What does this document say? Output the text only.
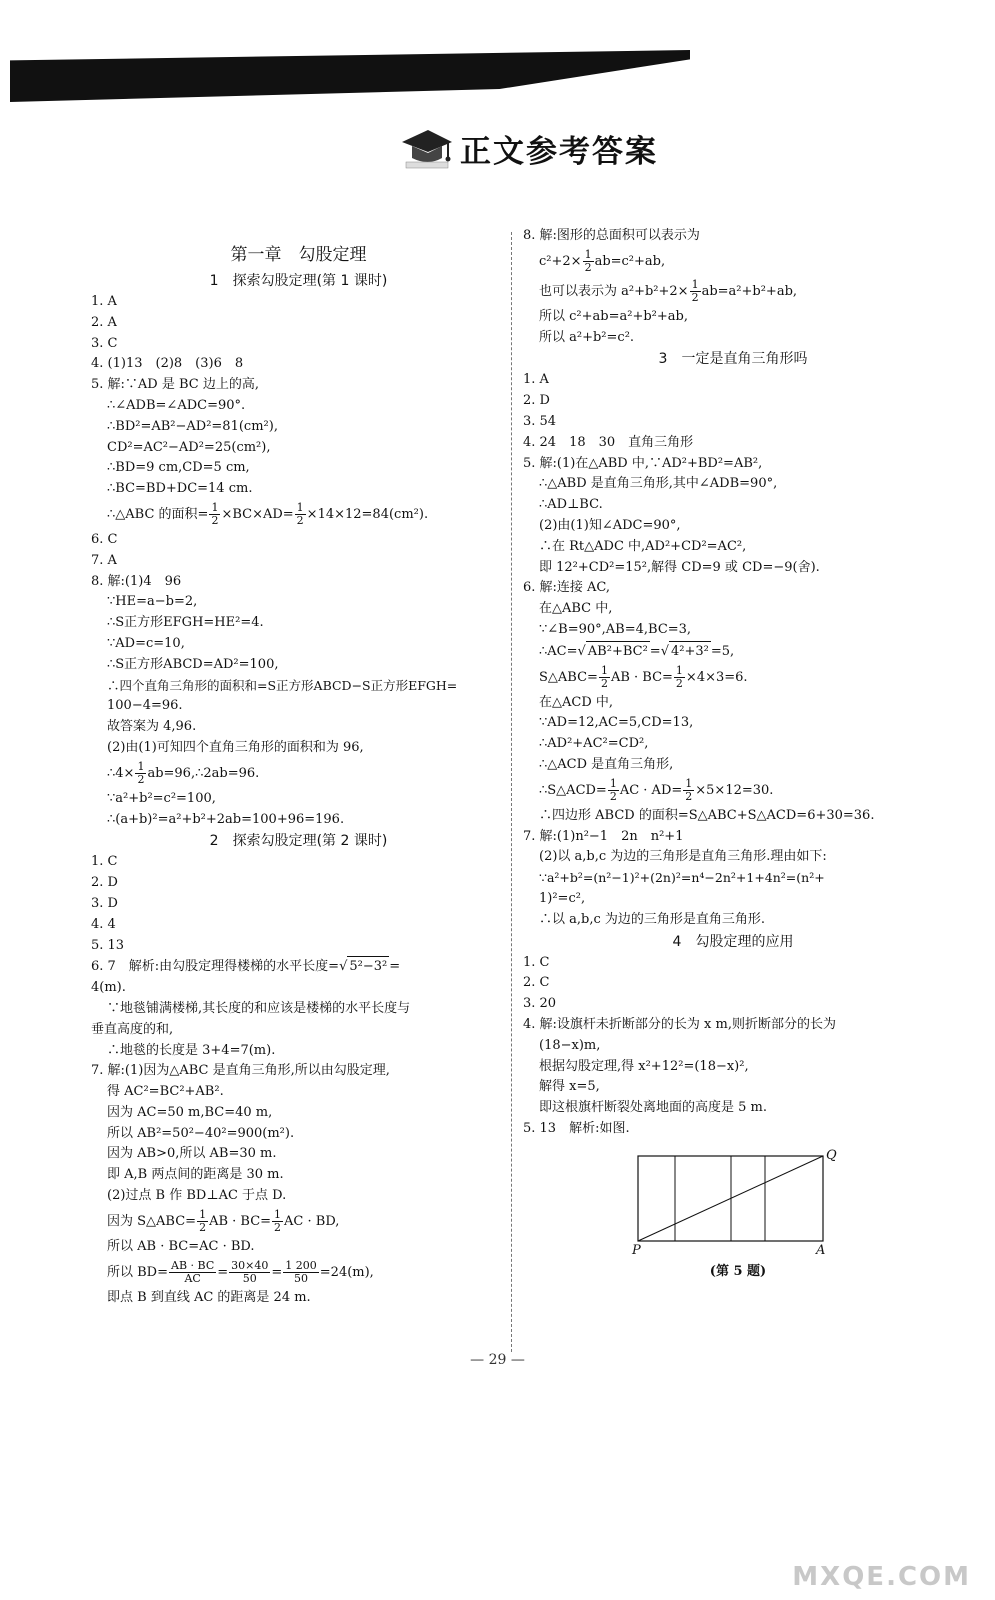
正文参考答案
第一章　勾股定理
1　探索勾股定理(第 1 课时)
1. A
2. A
3. C
4. (1)13　(2)8　(3)6　8
5. 解:∵AD 是 BC 边上的高,
∴∠ADB=∠ADC=90°.
∴BD²=AB²−AD²=81(cm²),
CD²=AC²−AD²=25(cm²),
∴BD=9 cm,CD=5 cm,
∴BC=BD+DC=14 cm.
∴△ABC 的面积= $\frac{1}{2} \times BC\times AD= \frac{1}{2} \times 14\times 12=84(cm^2)$.
6. C
7. A
8. 解:(1)4　96
∵HE=a−b=2,
∴S正方形EFGH=HE²=4.
∵AD=c=10,
∴S正方形ABCD=AD²=100,
∴四个直角三角形的面积和=S正方形ABCD−S正方形EFGH=
100−4=96.
故答案为 4,96.
(2)由(1)可知四个直角三角形的面积和为 96,
∴4× $\frac{1}{2}$ ab=96,∴2ab=96.
∵a²+b²=c²=100,
∴(a+b)²=a²+b²+2ab=100+96=196.
2　探索勾股定理(第 2 课时)
1. C
2. D
3. D
4. 4
5. 13
6. 7　解析:由勾股定理得楼梯的水平长度=√ 5²−3² =
4(m).
∵地毯铺满楼梯,其长度的和应该是楼梯的水平长度与
垂直高度的和,
∴地毯的长度是 3+4=7(m).
7. 解:(1)因为△ABC 是直角三角形,所以由勾股定理,
得 AC²=BC²+AB².
因为 AC=50 m,BC=40 m,
所以 AB²=50²−40²=900(m²).
因为 AB>0,所以 AB=30 m.
即 A,B 两点间的距离是 30 m.
(2)过点 B 作 BD⊥AC 于点 D.
因为 S△ABC= $\frac{1}{2}$ AB · $BC= \frac{1}{2}$ AC · BD,
所以 AB · BC=AC · BD.
所以 $BD= \frac{AB \cdot BC}{AC} = \frac{30\times 40}{50} = \frac{1 200}{50} =24(m)$,
即点 B 到直线 AC 的距离是 24 m.
8. 解:图形的总面积可以表示为
$c^2+2\times \frac{1}{2} ab=c^2+ab$,
也可以表示为 $a^2+b^2+2\times \frac{1}{2} ab=a^2+b^2+ab$,
所以 c²+ab=a²+b²+ab,
所以 a²+b²=c².
3　一定是直角三角形吗
1. A
2. D
3. 54
4. 24　18　30　直角三角形
5. 解:(1)在△ABD 中,∵AD²+BD²=AB²,
∴△ABD 是直角三角形,其中∠ADB=90°,
∴AD⊥BC.
(2)由(1)知∠ADC=90°,
∴在 Rt△ADC 中,AD²+CD²=AC²,
即 12²+CD²=15²,解得 CD=9 或 CD=−9(舍).
6. 解:连接 AC,
在△ABC 中,
∵∠B=90°,AB=4,BC=3,
∴AC=√ AB²+BC² =√ 4²+3² =5,
S△ABC= $\frac{1}{2}$ AB · $BC= \frac{1}{2} \times 4\times 3=6$.
在△ACD 中,
∵AD=12,AC=5,CD=13,
∴AD²+AC²=CD²,
∴△ACD 是直角三角形,
∴S△ACD= $\frac{1}{2}$ AC · $AD= \frac{1}{2} \times 5\times 12=30$.
∴四边形 ABCD 的面积=S△ABC+S△ACD=6+30=36.
7. 解:(1)n²−1　2n　n²+1
(2)以 a,b,c 为边的三角形是直角三角形.理由如下:
∵a²+b²=(n²−1)²+(2n)²=n⁴−2n²+1+4n²=(n²+
1)²=c²,
∴以 a,b,c 为边的三角形是直角三角形.
4　勾股定理的应用
1. C
2. C
3. 20
4. 解:设旗杆未折断部分的长为 x m,则折断部分的长为
(18−x)m,
根据勾股定理,得 x²+12²=(18−x)²,
解得 x=5,
即这根旗杆断裂处离地面的高度是 5 m.
5. 13　解析:如图.
Q
P	A
(第 5 题)
— 29 —
MXQE.COM
